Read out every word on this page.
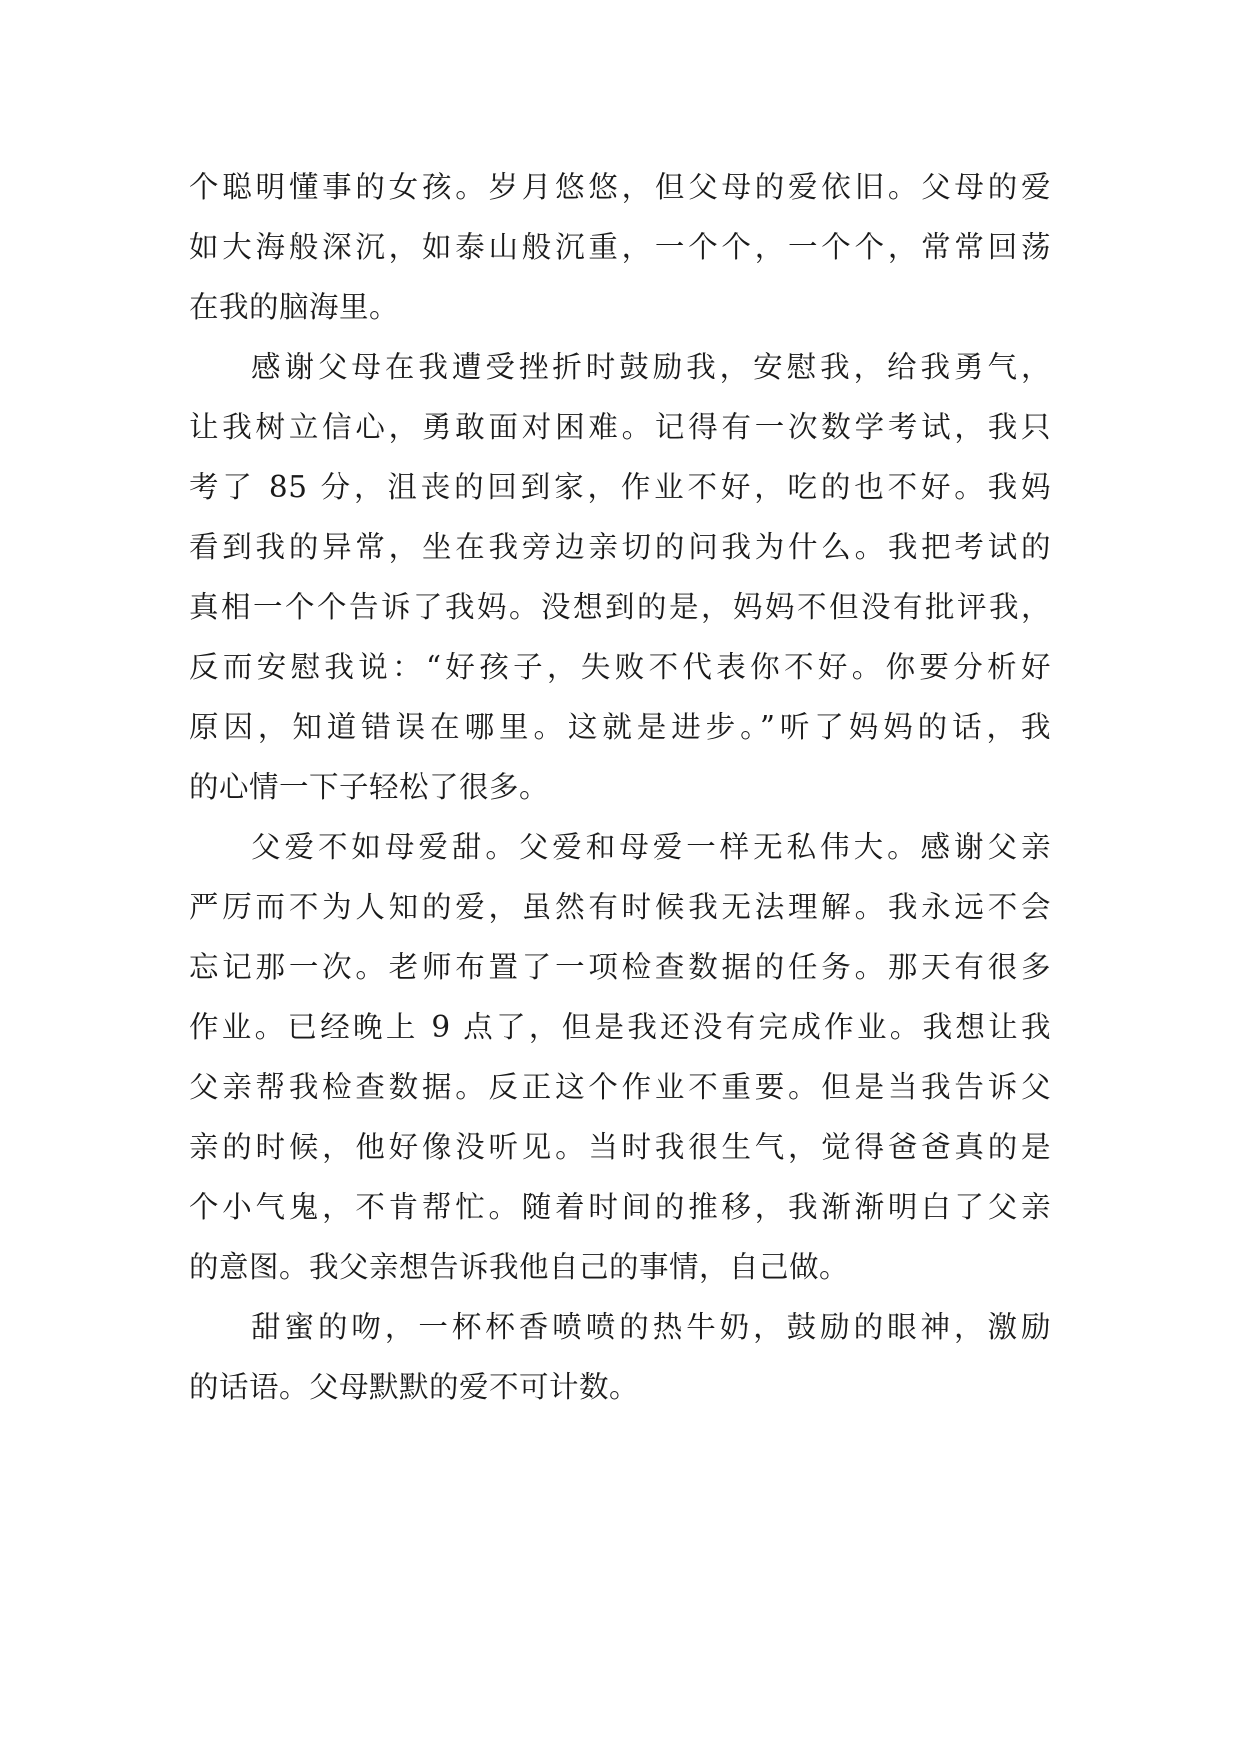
个聪明懂事的女孩。岁月悠悠，但父母的爱依旧。父母的爱
如大海般深沉，如泰山般沉重，一个个，一个个，常常回荡
在我的脑海里。
感谢父母在我遭受挫折时鼓励我，安慰我，给我勇气，
让我树立信心，勇敢面对困难。记得有一次数学考试，我只
考了 85 分，沮丧的回到家，作业不好，吃的也不好。我妈
看到我的异常，坐在我旁边亲切的问我为什么。我把考试的
真相一个个告诉了我妈。没想到的是，妈妈不但没有批评我，
反而安慰我说：“好孩子，失败不代表你不好。你要分析好
原因，知道错误在哪里。这就是进步。”听了妈妈的话，我
的心情一下子轻松了很多。
父爱不如母爱甜。父爱和母爱一样无私伟大。感谢父亲
严厉而不为人知的爱，虽然有时候我无法理解。我永远不会
忘记那一次。老师布置了一项检查数据的任务。那天有很多
作业。已经晚上 9 点了，但是我还没有完成作业。我想让我
父亲帮我检查数据。反正这个作业不重要。但是当我告诉父
亲的时候，他好像没听见。当时我很生气，觉得爸爸真的是
个小气鬼，不肯帮忙。随着时间的推移，我渐渐明白了父亲
的意图。我父亲想告诉我他自己的事情，自己做。
甜蜜的吻，一杯杯香喷喷的热牛奶，鼓励的眼神，激励
的话语。父母默默的爱不可计数。
